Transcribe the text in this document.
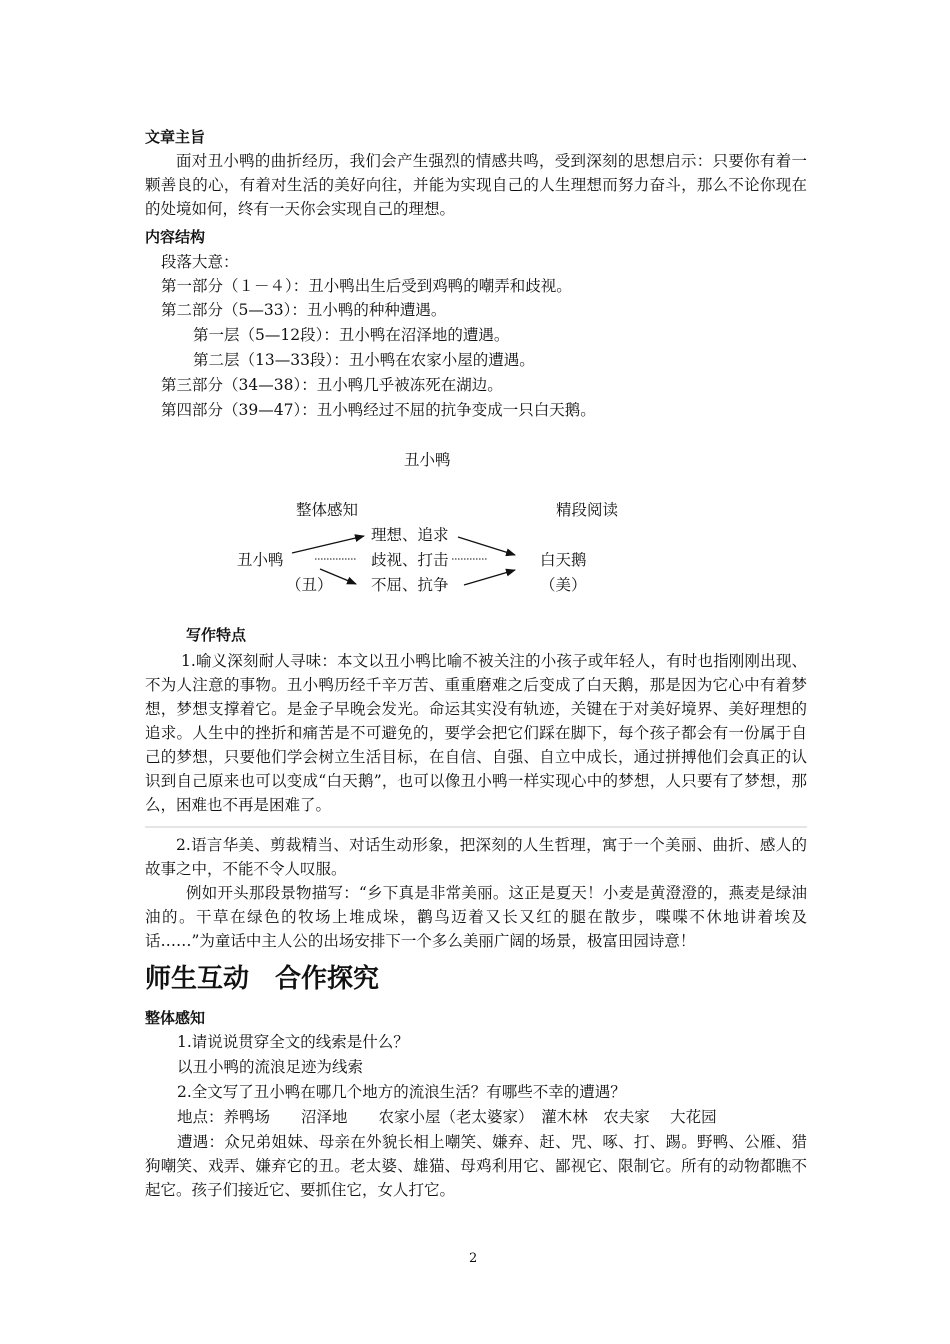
文章主旨
面对丑小鸭的曲折经历，我们会产生强烈的情感共鸣，受到深刻的思想启示：只要你有着一颗善良的心，有着对生活的美好向往，并能为实现自己的人生理想而努力奋斗，那么不论你现在的处境如何，终有一天你会实现自己的理想。
内容结构
段落大意：
第一部分（１－４）：丑小鸭出生后受到鸡鸭的嘲弄和歧视。
第二部分（5—33）：丑小鸭的种种遭遇。
第一层（5—12段）：丑小鸭在沼泽地的遭遇。
第二层（13—33段）：丑小鸭在农家小屋的遭遇。
第三部分（34—38）：丑小鸭几乎被冻死在湖边。
第四部分（39—47）：丑小鸭经过不屈的抗争变成一只白天鹅。
丑小鸭
整体感知	精段阅读
理想、追求
丑小鸭	歧视、打击	白天鹅
（丑） 不屈、抗争	（美）
写作特点
1.喻义深刻耐人寻味：本文以丑小鸭比喻不被关注的小孩子或年轻人，有时也指刚刚出现、不为人注意的事物。丑小鸭历经千辛万苦、重重磨难之后变成了白天鹅，那是因为它心中有着梦想，梦想支撑着它。是金子早晚会发光。命运其实没有轨迹，关键在于对美好境界、美好理想的追求。人生中的挫折和痛苦是不可避免的，要学会把它们踩在脚下，每个孩子都会有一份属于自己的梦想，只要他们学会树立生活目标，在自信、自强、自立中成长，通过拼搏他们会真正的认识到自己原来也可以变成“白天鹅”，也可以像丑小鸭一样实现心中的梦想，人只要有了梦想，那么，困难也不再是困难了。
2.语言华美、剪裁精当、对话生动形象，把深刻的人生哲理，寓于一个美丽、曲折、感人的故事之中，不能不令人叹服。
例如开头那段景物描写：“乡下真是非常美丽。这正是夏天！小麦是黄澄澄的，燕麦是绿油油的。干草在绿色的牧场上堆成垛，鹳鸟迈着又长又红的腿在散步，喋喋不休地讲着埃及话……”为童话中主人公的出场安排下一个多么美丽广阔的场景，极富田园诗意！
师生互动　合作探究
整体感知
1.请说说贯穿全文的线索是什么？
以丑小鸭的流浪足迹为线索
2.全文写了丑小鸭在哪几个地方的流浪生活？有哪些不幸的遭遇？
地点：养鸭场　　沼泽地　　农家小屋（老太婆家）　灌木林　农夫家　 大花园
遭遇：众兄弟姐妹、母亲在外貌长相上嘲笑、嫌弃、赶、咒、啄、打、踢。野鸭、公雁、猎狗嘲笑、戏弄、嫌弃它的丑。老太婆、雄猫、母鸡利用它、鄙视它、限制它。所有的动物都瞧不起它。孩子们接近它、要抓住它，女人打它。
2
